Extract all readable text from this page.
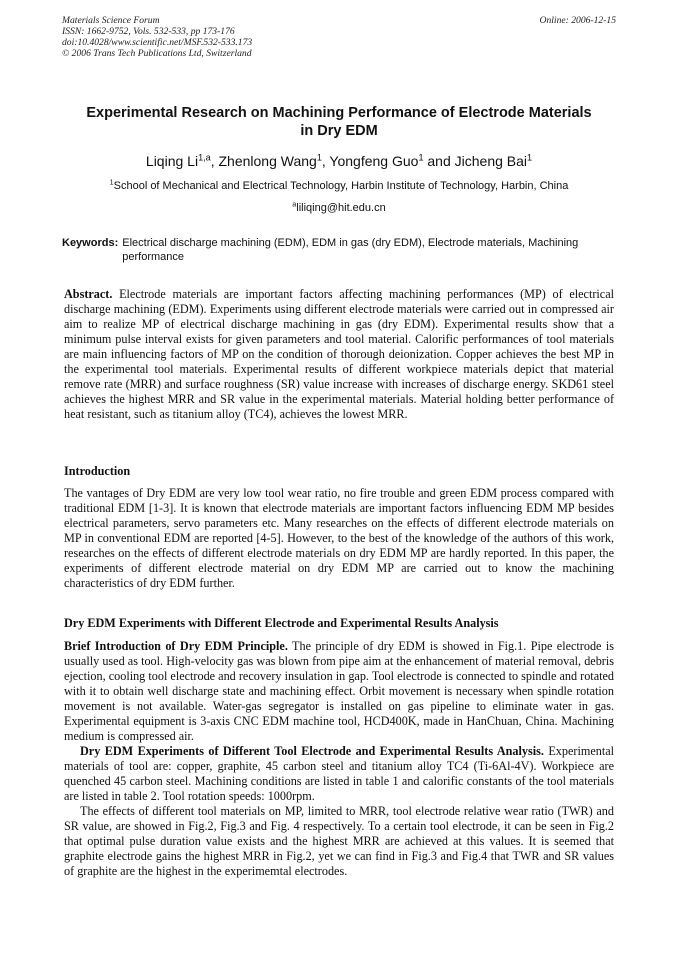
Materials Science Forum
ISSN: 1662-9752, Vols. 532-533, pp 173-176
doi:10.4028/www.scientific.net/MSF.532-533.173
© 2006 Trans Tech Publications Ltd, Switzerland
Online: 2006-12-15
Experimental Research on Machining Performance of Electrode Materials in Dry EDM
Liqing Li$^{1,a}$, Zhenlong Wang$^1$, Yongfeng Guo$^1$ and Jicheng Bai$^1$
$^1$School of Mechanical and Electrical Technology, Harbin Institute of Technology, Harbin, China
$^a$liliqing@hit.edu.cn
Keywords: Electrical discharge machining (EDM), EDM in gas (dry EDM), Electrode materials, Machining performance

Abstract. Electrode materials are important factors affecting machining performances (MP) of electrical discharge machining (EDM). Experiments using different electrode materials were carried out in compressed air aim to realize MP of electrical discharge machining in gas (dry EDM). Experimental results show that a minimum pulse interval exists for given parameters and tool material. Calorific performances of tool materials are main influencing factors of MP on the condition of thorough deionization. Copper achieves the best MP in the experimental tool materials. Experimental results of different workpiece materials depict that material remove rate (MRR) and surface roughness (SR) value increase with increases of discharge energy. SKD61 steel achieves the highest MRR and SR value in the experimental materials. Material holding better performance of heat resistant, such as titanium alloy (TC4), achieves the lowest MRR.

Introduction

The vantages of Dry EDM are very low tool wear ratio, no fire trouble and green EDM process compared with traditional EDM [1-3]. It is known that electrode materials are important factors influencing EDM MP besides electrical parameters, servo parameters etc. Many researches on the effects of different electrode materials on MP in conventional EDM are reported [4-5]. However, to the best of the knowledge of the authors of this work, researches on the effects of different electrode materials on dry EDM MP are hardly reported. In this paper, the experiments of different electrode material on dry EDM MP are carried out to know the machining characteristics of dry EDM further.

Dry EDM Experiments with Different Electrode and Experimental Results Analysis

Brief Introduction of Dry EDM Principle. The principle of dry EDM is showed in Fig.1. Pipe electrode is usually used as tool. High-velocity gas was blown from pipe aim at the enhancement of material removal, debris ejection, cooling tool electrode and recovery insulation in gap. Tool electrode is connected to spindle and rotated with it to obtain well discharge state and machining effect. Orbit movement is necessary when spindle rotation movement is not available. Water-gas segregator is installed on gas pipeline to eliminate water in gas. Experimental equipment is 3-axis CNC EDM machine tool, HCD400K, made in HanChuan, China. Machining medium is compressed air.

Dry EDM Experiments of Different Tool Electrode and Experimental Results Analysis. Experimental materials of tool are: copper, graphite, 45 carbon steel and titanium alloy TC4 (Ti-6Al-4V). Workpiece are quenched 45 carbon steel. Machining conditions are listed in table 1 and calorific constants of the tool materials are listed in table 2. Tool rotation speeds: 1000rpm.

The effects of different tool materials on MP, limited to MRR, tool electrode relative wear ratio (TWR) and SR value, are showed in Fig.2, Fig.3 and Fig. 4 respectively. To a certain tool electrode, it can be seen in Fig.2 that optimal pulse duration value exists and the highest MRR are achieved at this values. It is seemed that graphite electrode gains the highest MRR in Fig.2, yet we can find in Fig.3 and Fig.4 that TWR and SR values of graphite are the highest in the experimemtal electrodes.
